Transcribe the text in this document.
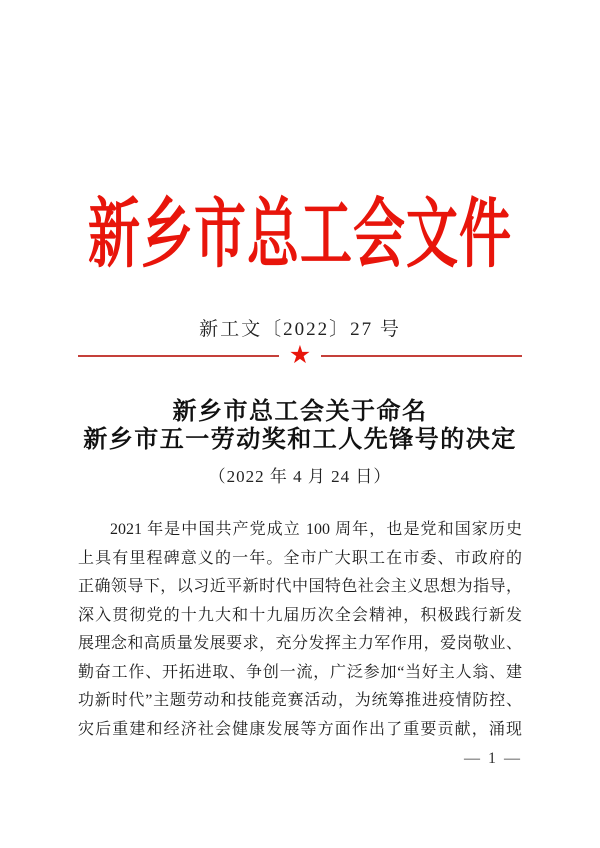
新乡市总工会文件
新工文〔2022〕27 号
★
新乡市总工会关于命名
新乡市五一劳动奖和工人先锋号的决定
（2022 年 4 月 24 日）
2021 年是中国共产党成立 100 周年，也是党和国家历史
上具有里程碑意义的一年。全市广大职工在市委、市政府的
正确领导下，以习近平新时代中国特色社会主义思想为指导，
深入贯彻党的十九大和十九届历次全会精神，积极践行新发
展理念和高质量发展要求，充分发挥主力军作用，爱岗敬业、
勤奋工作、开拓进取、争创一流，广泛参加“当好主人翁、建
功新时代”主题劳动和技能竞赛活动，为统筹推进疫情防控、
灾后重建和经济社会健康发展等方面作出了重要贡献，涌现
— 1 —
